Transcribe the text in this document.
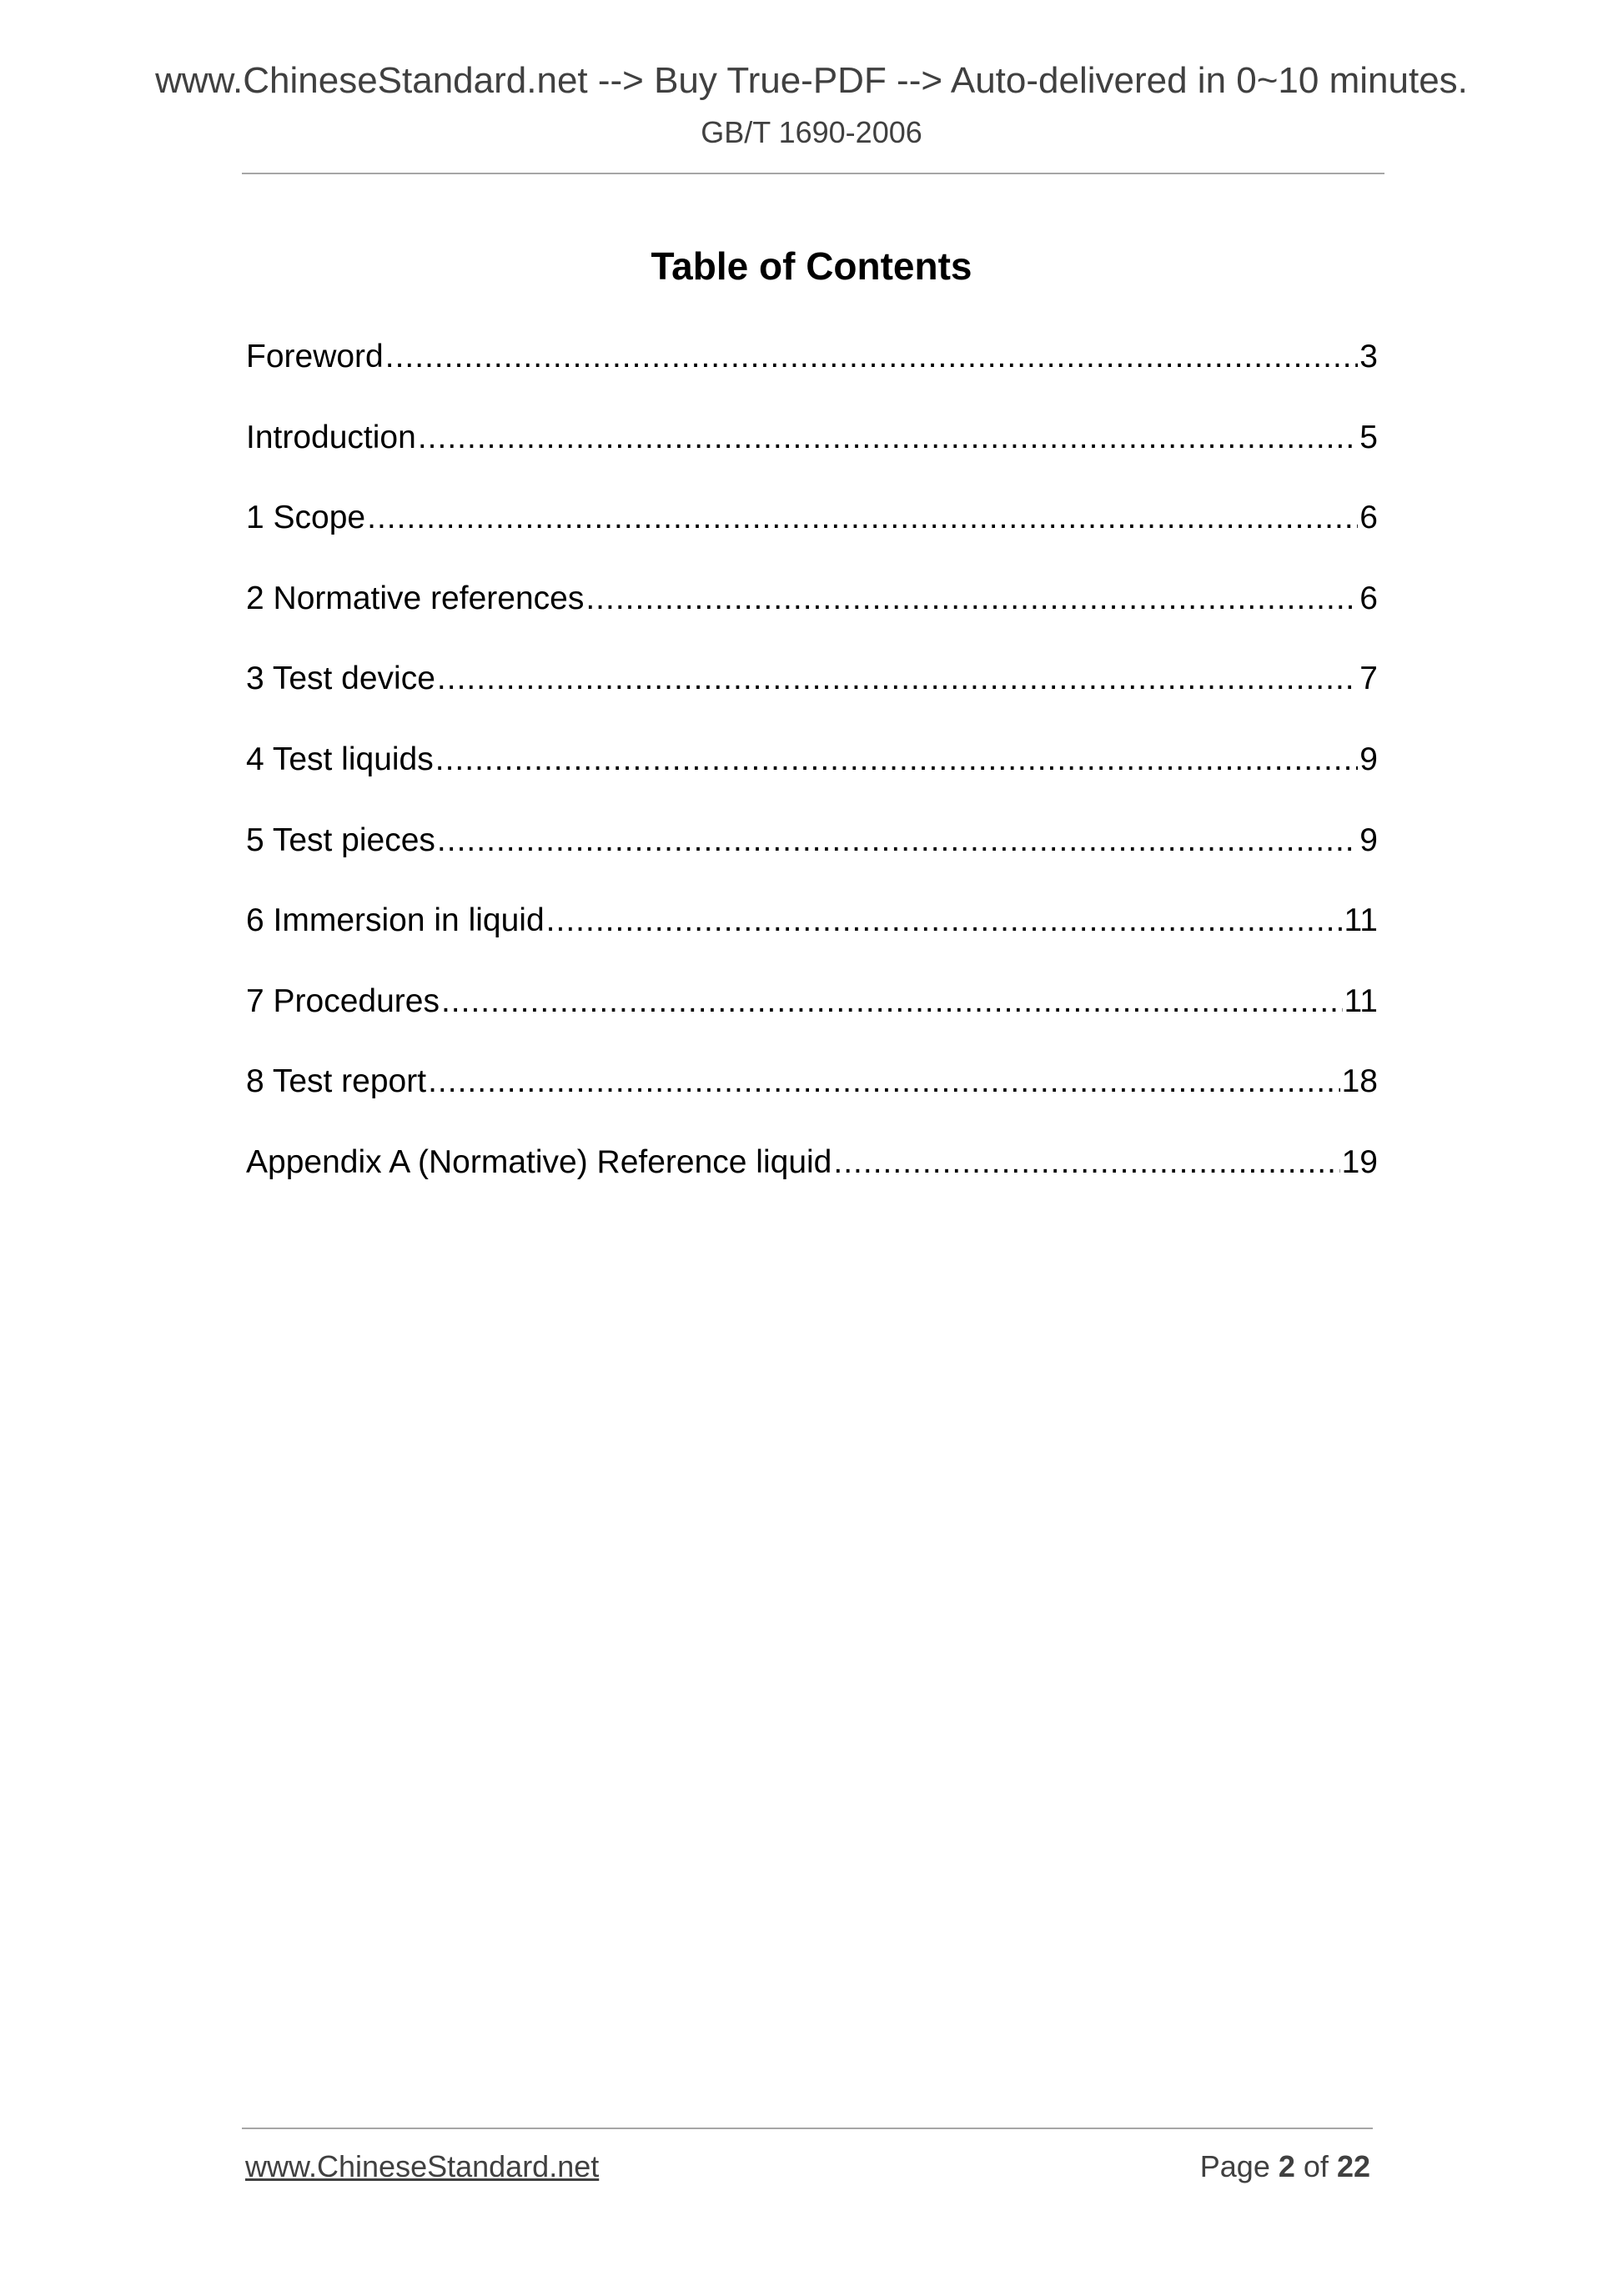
www.ChineseStandard.net --> Buy True-PDF --> Auto-delivered in 0~10 minutes.
GB/T 1690-2006
Table of Contents
Foreword .....	3
Introduction .....	5
1 Scope .....	6
2 Normative references .....	6
3 Test device .....	7
4 Test liquids .....	9
5 Test pieces .....	9
6 Immersion in liquid .....	11
7 Procedures .....	11
8 Test report .....	18
Appendix A (Normative) Reference liquid .....	19
www.ChineseStandard.net	Page 2 of 22
